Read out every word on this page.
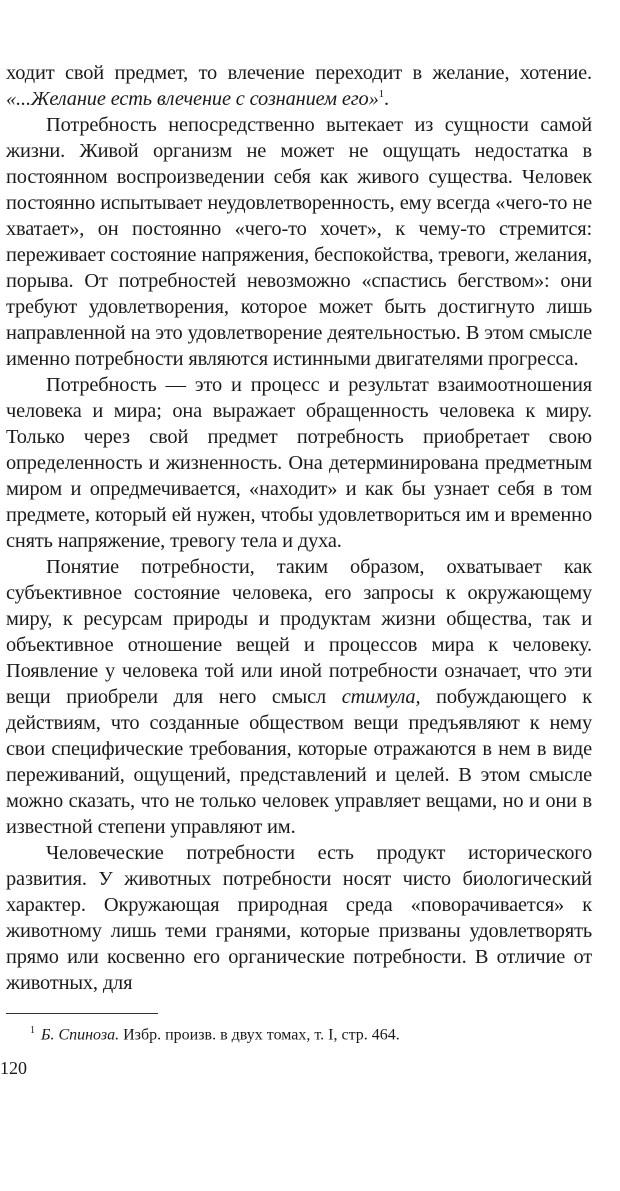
ходит свой предмет, то влечение переходит в желание, хотение. «...Желание есть влечение с сознанием его»$^1$.

Потребность непосредственно вытекает из сущности самой жизни. Живой организм не может не ощущать недостатка в постоянном воспроизведении себя как живого существа. Человек постоянно испытывает неудовлетворенность, ему всегда «чего-то не хватает», он постоянно «чего-то хочет», к чему-то стремится: переживает состояние напряжения, беспокойства, тревоги, желания, порыва. От потребностей невозможно «спастись бегством»: они требуют удовлетворения, которое может быть достигнуто лишь направленной на это удовлетворение деятельностью. В этом смысле именно потребности являются истинными двигателями прогресса.

Потребность — это и процесс и результат взаимоотношения человека и мира; она выражает обращенность человека к миру. Только через свой предмет потребность приобретает свою определенность и жизненность. Она детерминирована предметным миром и опредмечивается, «находит» и как бы узнает себя в том предмете, который ей нужен, чтобы удовлетвориться им и временно снять напряжение, тревогу тела и духа.

Понятие потребности, таким образом, охватывает как субъективное состояние человека, его запросы к окружающему миру, к ресурсам природы и продуктам жизни общества, так и объективное отношение вещей и процессов мира к человеку. Появление у человека той или иной потребности означает, что эти вещи приобрели для него смысл стимула, побуждающего к действиям, что созданные обществом вещи предъявляют к нему свои специфические требования, которые отражаются в нем в виде переживаний, ощущений, представлений и целей. В этом смысле можно сказать, что не только человек управляет вещами, но и они в известной степени управляют им.

Человеческие потребности есть продукт исторического развития. У животных потребности носят чисто биологический характер. Окружающая природная среда «поворачивается» к животному лишь теми гранями, которые призваны удовлетворять прямо или косвенно его органические потребности. В отличие от животных, для

$^1$ Б. Спиноза. Избр. произв. в двух томах, т. I, стр. 464.
120
